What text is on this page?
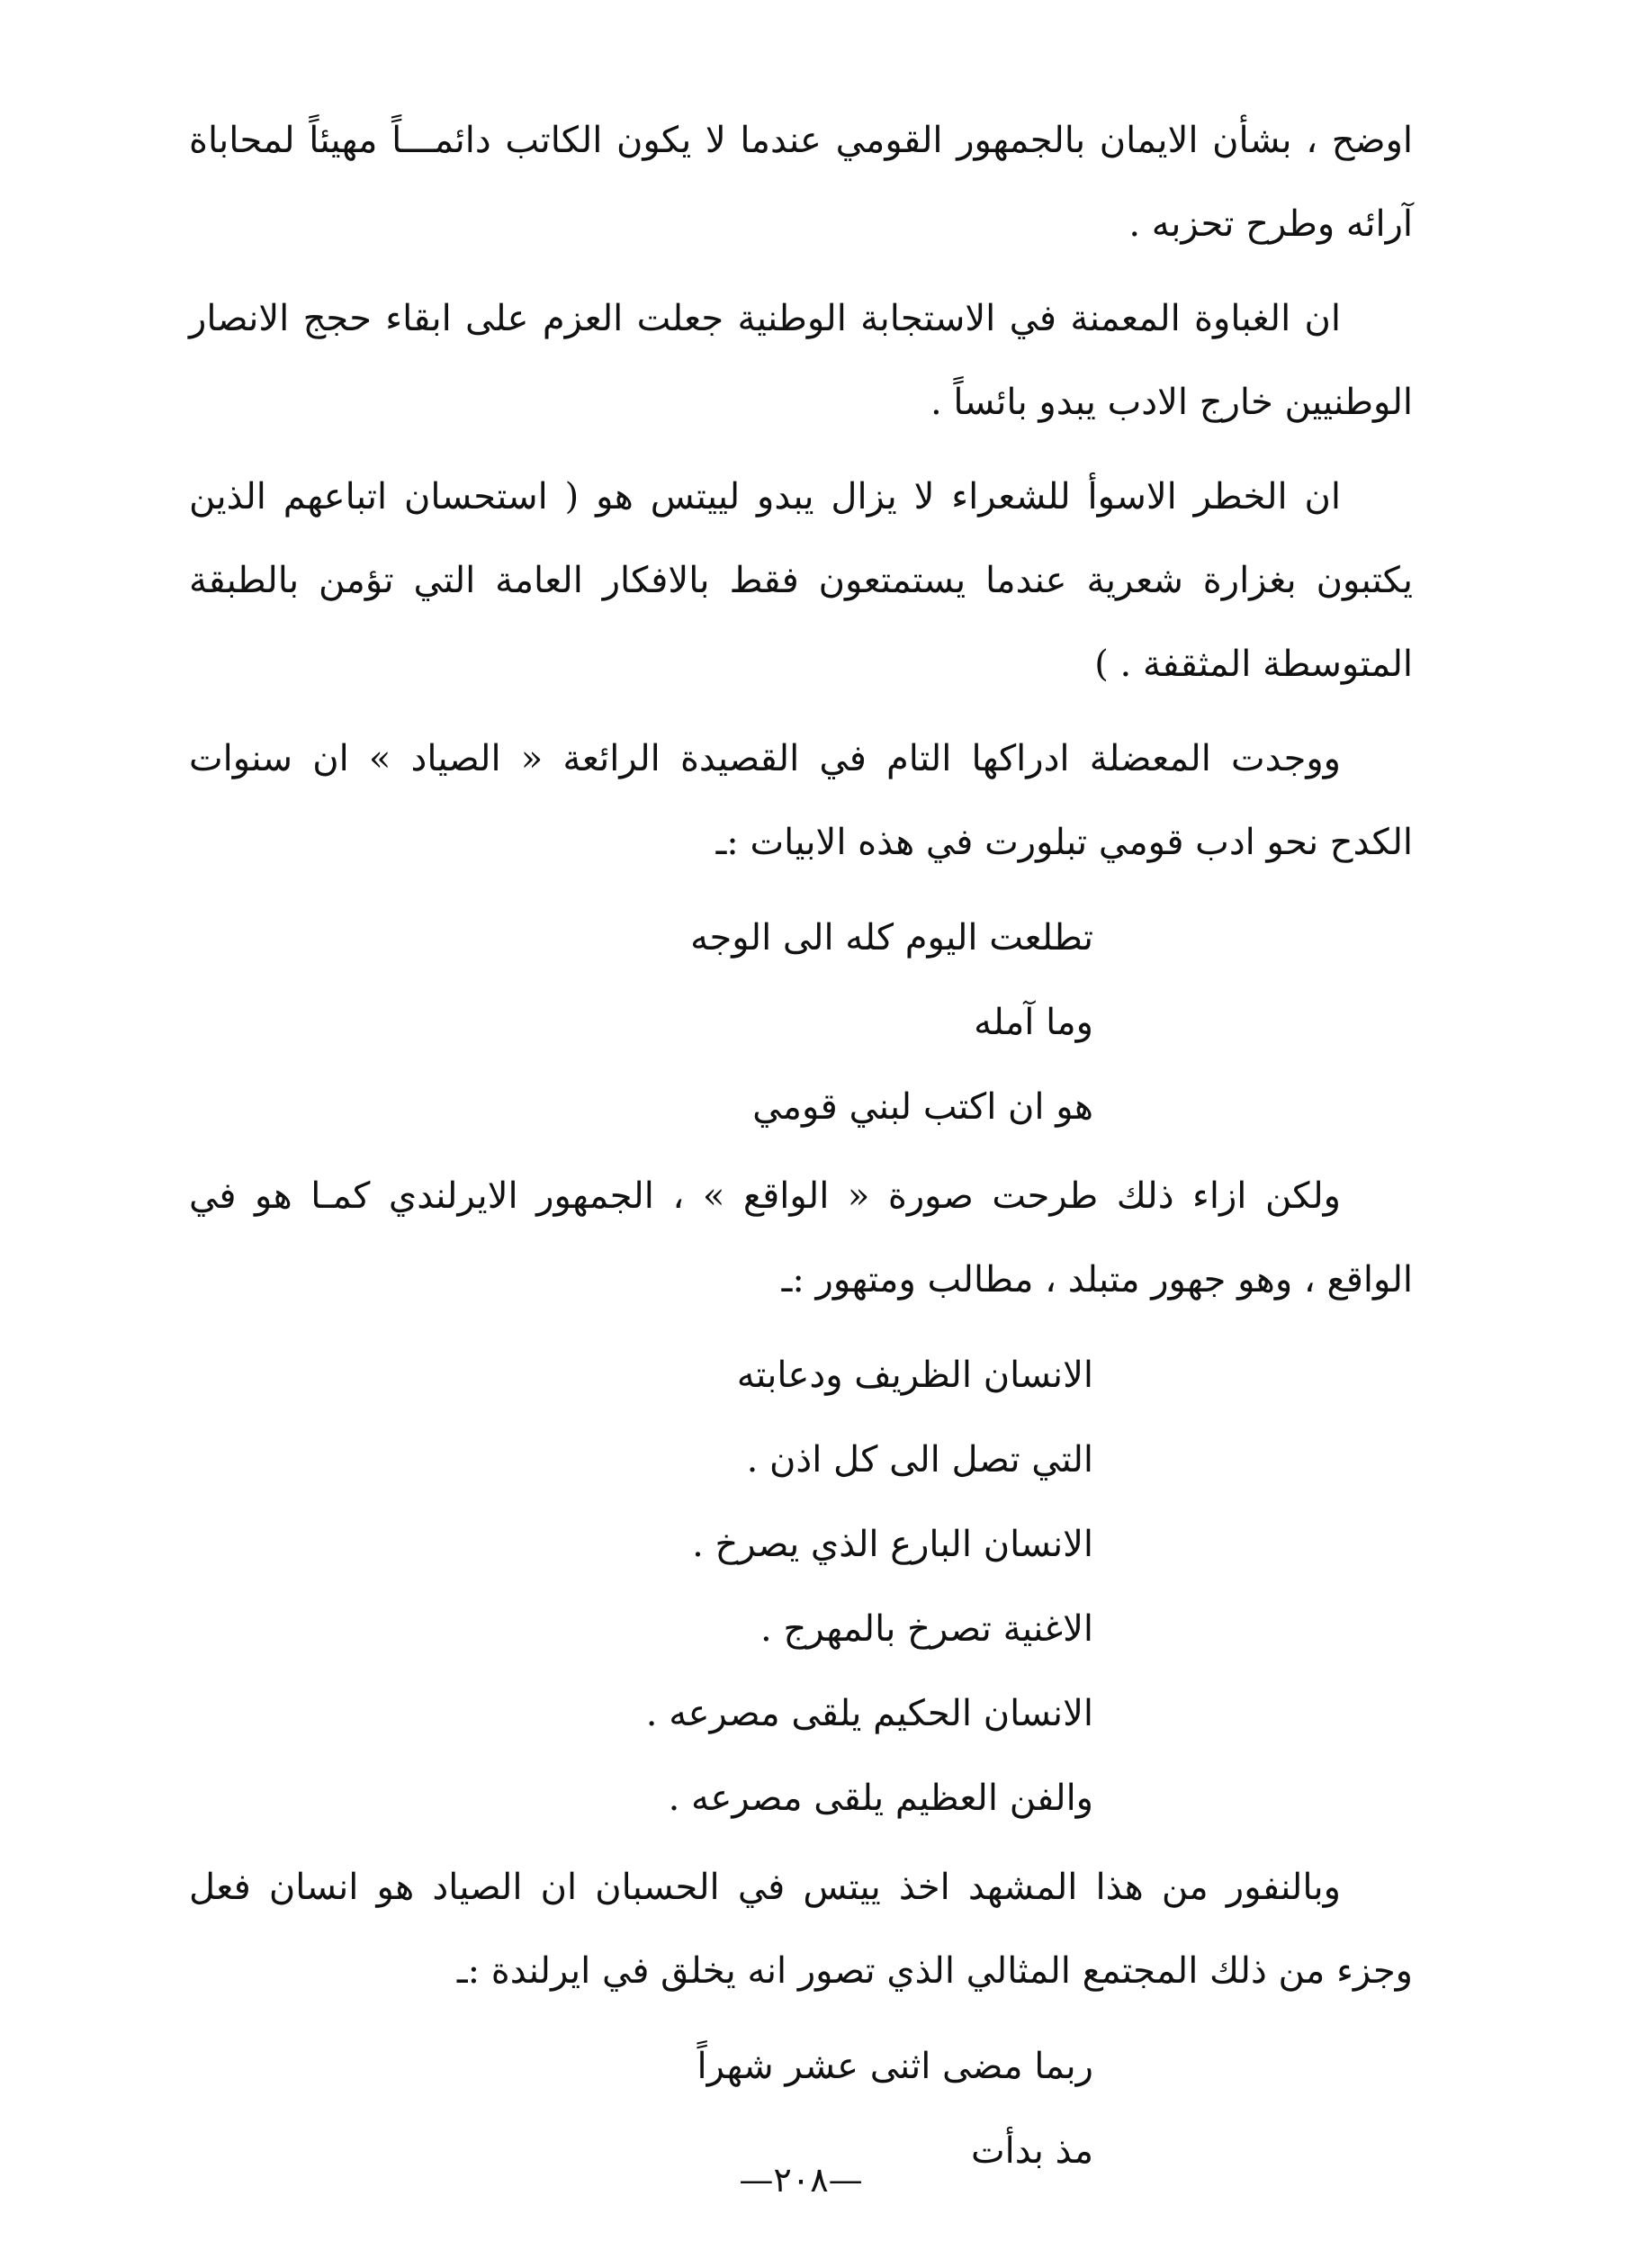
اوضح ، بشأن الايمان بالجمهور القومي عندما لا يكون الكاتب دائمـــاً مهيئاً لمحاباة آرائه وطرح تحزبه .

ان الغباوة المعمنة في الاستجابة الوطنية جعلت العزم على ابقاء حجج الانصار الوطنيين خارج الادب يبدو بائساً .

ان الخطر الاسوأ للشعراء لا يزال يبدو لييتس هو ( استحسان اتباعهم الذين يكتبون بغزارة شعرية عندما يستمتعون فقط بالافكار العامة التي تؤمن بالطبقة المتوسطة المثقفة . )

ووجدت المعضلة ادراكها التام في القصيدة الرائعة « الصياد » ان سنوات الكدح نحو ادب قومي تبلورت في هذه الابيات :ـ

تطلعت اليوم كله الى الوجه
وما آمله
هو ان اكتب لبني قومي

ولكن ازاء ذلك طرحت صورة « الواقع » ، الجمهور الايرلندي كمـا هو في الواقع ، وهو جهور متبلد ، مطالب ومتهور :ـ

الانسان الظريف ودعابته
التي تصل الى كل اذن .
الانسان البارع الذي يصرخ .
الاغنية تصرخ بالمهرج .
الانسان الحكيم يلقى مصرعه .
والفن العظيم يلقى مصرعه .

وبالنفور من هذا المشهد اخذ ييتس في الحسبان ان الصياد هو انسان فعل وجزء من ذلك المجتمع المثالي الذي تصور انه يخلق في ايرلندة :ـ

ربما مضى اثنى عشر شهراً
مذ بدأت
—٢٠٨—
